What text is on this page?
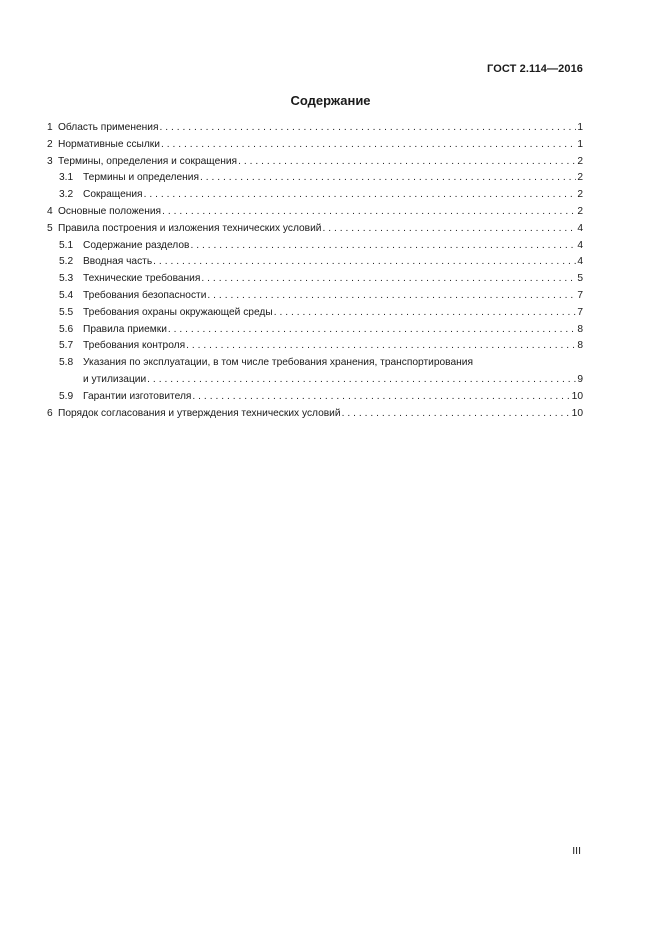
ГОСТ 2.114—2016
Содержание
1 Область применения . . .	1
2 Нормативные ссылки . . .	1
3 Термины, определения и сокращения . . .	2
3.1 Термины и определения . . .	2
3.2 Сокращения . . .	2
4 Основные положения . . .	2
5 Правила построения и изложения технических условий . . .	4
5.1 Содержание разделов . . .	4
5.2 Вводная часть . . .	4
5.3 Технические требования . . .	5
5.4 Требования безопасности . . .	7
5.5 Требования охраны окружающей среды . . .	7
5.6 Правила приемки . . .	8
5.7 Требования контроля . . .	8
5.8 Указания по эксплуатации, в том числе требования хранения, транспортирования
и утилизации . . .	9
5.9 Гарантии изготовителя . . .	10
6 Порядок согласования и утверждения технических условий . . .	10
III
